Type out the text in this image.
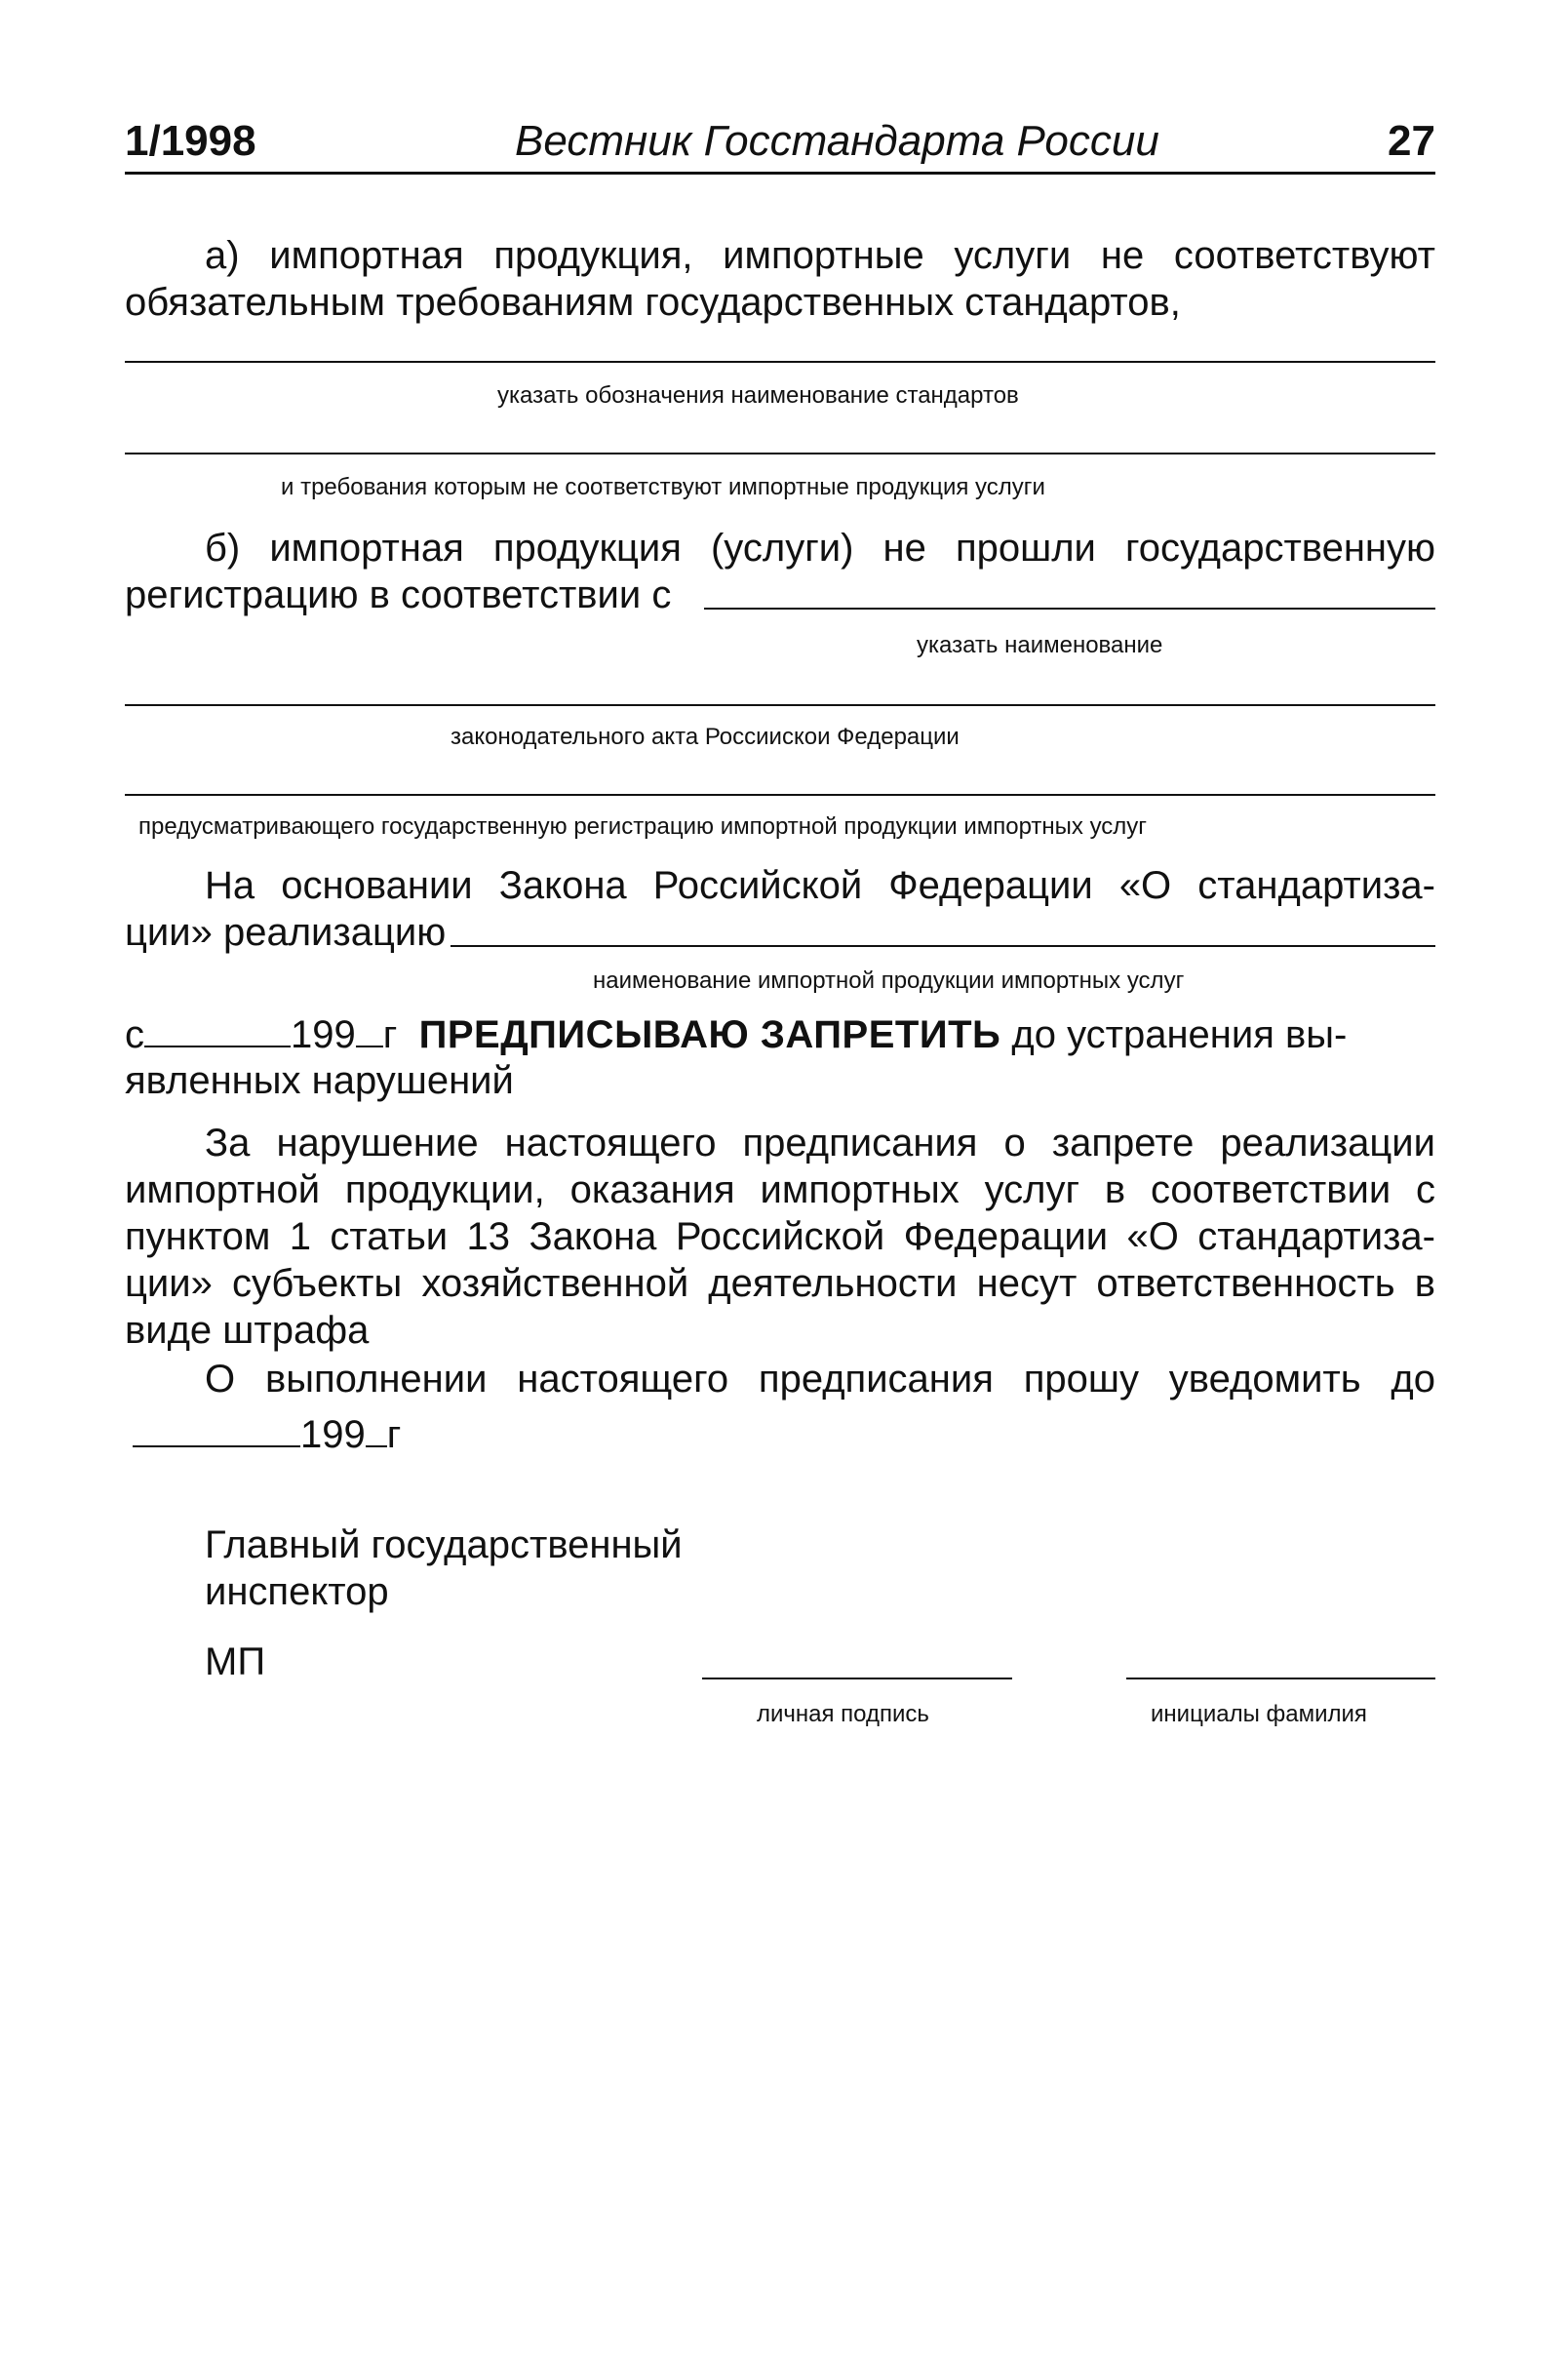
1/1998	Вестник Госстандарта России	27
а) импортная продукция, импортные услуги не соответствуют обязательным требованиям государственных стандартов,
указать обозначения наименование стандартов
и требования которым не соответствуют импортные продукция услуги
б) импортная продукция (услуги) не прошли государственную
регистрацию в соответствии с
указать наименование
законодательного акта Россиискои Федерации
предусматривающего государственную регистрацию импортной продукции импортных услуг
На основании Закона Российской Федерации «О стандартиза-
ции» реализацию
наименование импортной продукции импортных услуг
с	199 г ПРЕДПИСЫВАЮ ЗАПРЕТИТЬ до устранения вы-
явленных нарушений
За нарушение настоящего предписания о запрете реализации импортной продукции, оказания импортных услуг в соответствии с пунктом 1 статьи 13 Закона Российской Федерации «О стандартиза-ции» субъекты хозяйственной деятельности несут ответственность в виде штрафа
О выполнении настоящего предписания прошу уведомить до
199 г
Главный государственный
инспектор
МП
личная подпись	инициалы фамилия
